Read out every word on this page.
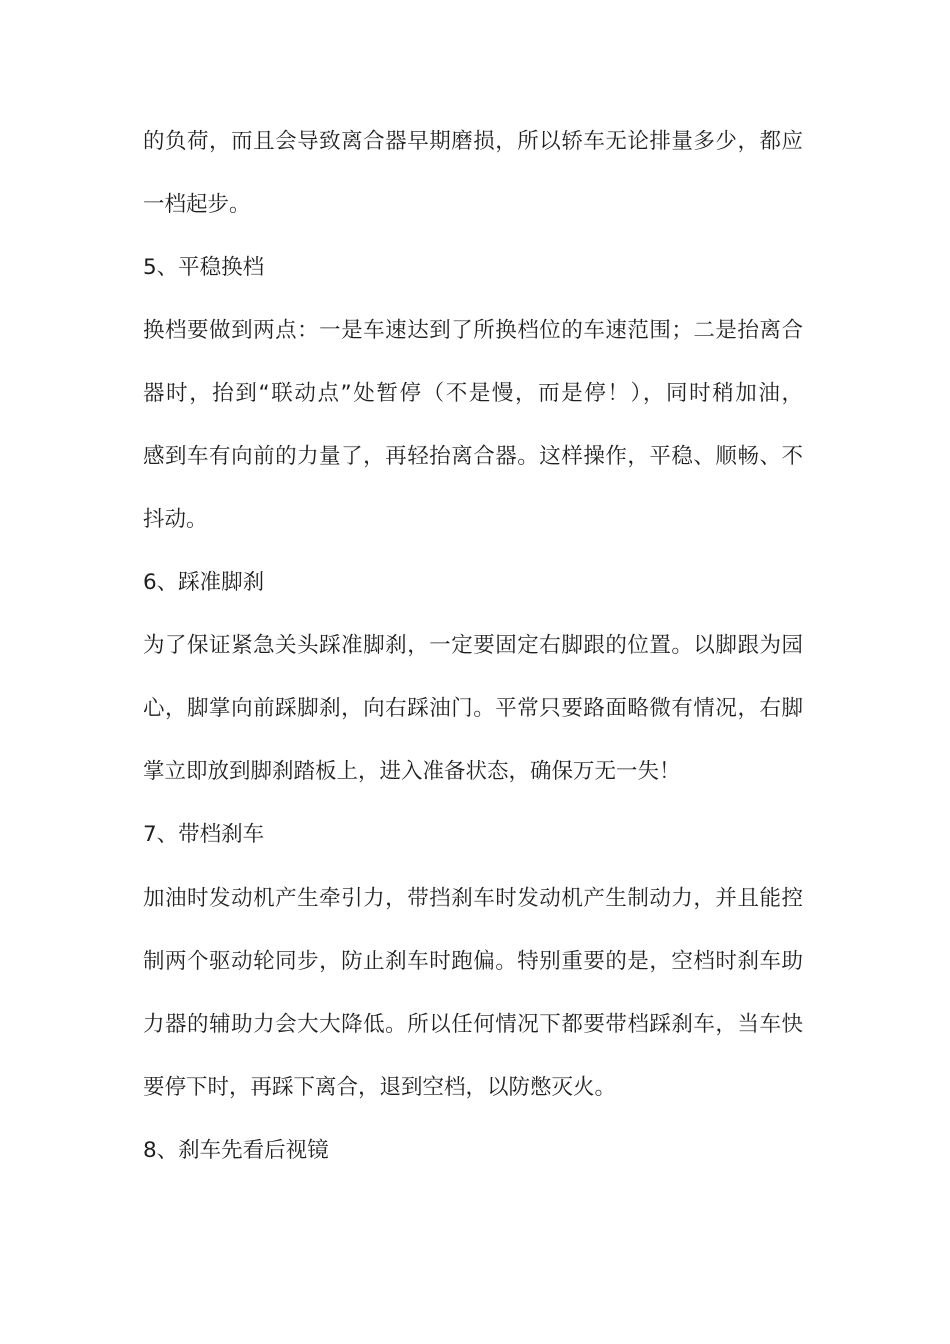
的负荷，而且会导致离合器早期磨损，所以轿车无论排量多少，都应
一档起步。
5、平稳换档
换档要做到两点：一是车速达到了所换档位的车速范围；二是抬离合
器时，抬到“联动点”处暂停（不是慢，而是停！），同时稍加油，
感到车有向前的力量了，再轻抬离合器。这样操作，平稳、顺畅、不
抖动。
6、踩准脚刹
为了保证紧急关头踩准脚刹，一定要固定右脚跟的位置。以脚跟为园
心，脚掌向前踩脚刹，向右踩油门。平常只要路面略微有情况，右脚
掌立即放到脚刹踏板上，进入准备状态，确保万无一失！
7、带档刹车
加油时发动机产生牵引力，带挡刹车时发动机产生制动力，并且能控
制两个驱动轮同步，防止刹车时跑偏。特别重要的是，空档时刹车助
力器的辅助力会大大降低。所以任何情况下都要带档踩刹车，当车快
要停下时，再踩下离合，退到空档，以防憋灭火。
8、刹车先看后视镜
